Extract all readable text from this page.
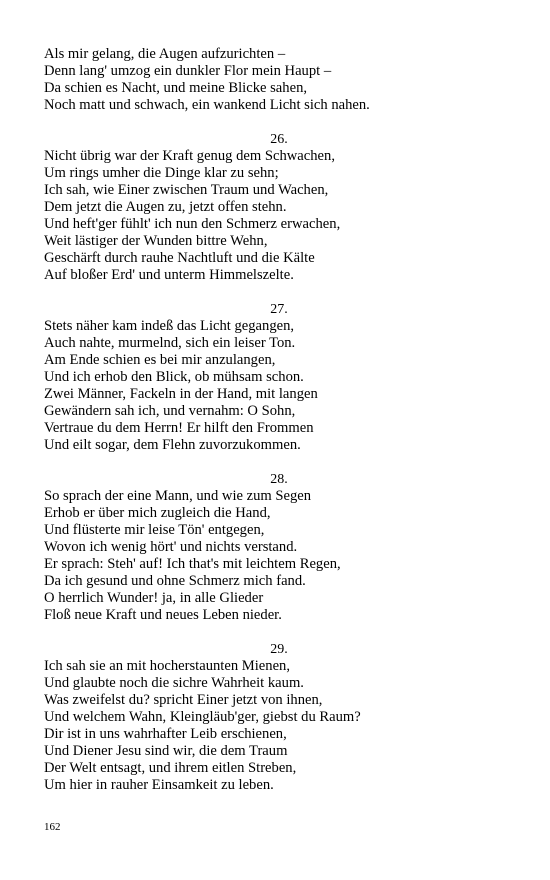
Als mir gelang, die Augen aufzurichten –
Denn lang' umzog ein dunkler Flor mein Haupt –
Da schien es Nacht, und meine Blicke sahen,
Noch matt und schwach, ein wankend Licht sich nahen.
26.
Nicht übrig war der Kraft genug dem Schwachen,
Um rings umher die Dinge klar zu sehn;
Ich sah, wie Einer zwischen Traum und Wachen,
Dem jetzt die Augen zu, jetzt offen stehn.
Und heft'ger fühlt' ich nun den Schmerz erwachen,
Weit lästiger der Wunden bittre Wehn,
Geschärft durch rauhe Nachtluft und die Kälte
Auf bloßer Erd' und unterm Himmelszelte.
27.
Stets näher kam indeß das Licht gegangen,
Auch nahte, murmelnd, sich ein leiser Ton.
Am Ende schien es bei mir anzulangen,
Und ich erhob den Blick, ob mühsam schon.
Zwei Männer, Fackeln in der Hand, mit langen
Gewändern sah ich, und vernahm: O Sohn,
Vertraue du dem Herrn! Er hilft den Frommen
Und eilt sogar, dem Flehn zuvorzukommen.
28.
So sprach der eine Mann, und wie zum Segen
Erhob er über mich zugleich die Hand,
Und flüsterte mir leise Tön' entgegen,
Wovon ich wenig hört' und nichts verstand.
Er sprach: Steh' auf! Ich that's mit leichtem Regen,
Da ich gesund und ohne Schmerz mich fand.
O herrlich Wunder! ja, in alle Glieder
Floß neue Kraft und neues Leben nieder.
29.
Ich sah sie an mit hocherstaunten Mienen,
Und glaubte noch die sichre Wahrheit kaum.
Was zweifelst du? spricht Einer jetzt von ihnen,
Und welchem Wahn, Kleingläub'ger, giebst du Raum?
Dir ist in uns wahrhafter Leib erschienen,
Und Diener Jesu sind wir, die dem Traum
Der Welt entsagt, und ihrem eitlen Streben,
Um hier in rauher Einsamkeit zu leben.
162
